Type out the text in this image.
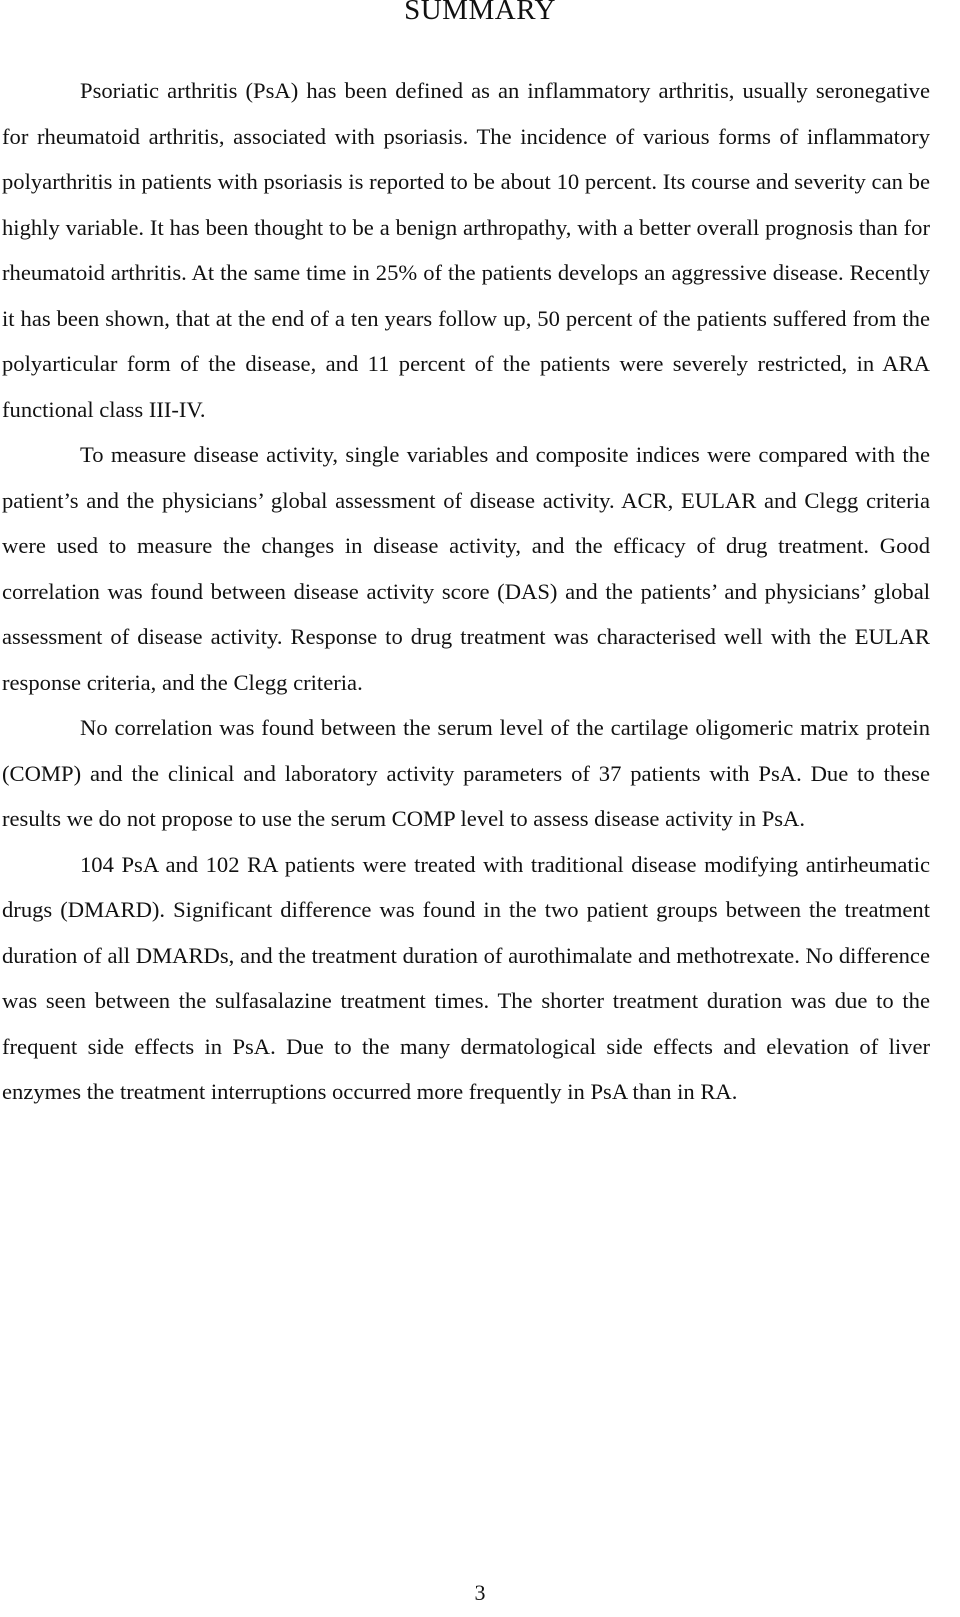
SUMMARY

Psoriatic arthritis (PsA) has been defined as an inflammatory arthritis, usually seronegative for rheumatoid arthritis, associated with psoriasis. The incidence of various forms of inflammatory polyarthritis in patients with psoriasis is reported to be about 10 percent. Its course and severity can be highly variable. It has been thought to be a benign arthropathy, with a better overall prognosis than for rheumatoid arthritis. At the same time in 25% of the patients develops an aggressive disease. Recently it has been shown, that at the end of a ten years follow up, 50 percent of the patients suffered from the polyarticular form of the disease, and 11 percent of the patients were severely restricted, in ARA functional class III-IV.

To measure disease activity, single variables and composite indices were compared with the patient’s and the physicians’ global assessment of disease activity. ACR, EULAR and Clegg criteria were used to measure the changes in disease activity, and the efficacy of drug treatment. Good correlation was found between disease activity score (DAS) and the patients’ and physicians’ global assessment of disease activity. Response to drug treatment was characterised well with the EULAR response criteria, and the Clegg criteria.

No correlation was found between the serum level of the cartilage oligomeric matrix protein (COMP) and the clinical and laboratory activity parameters of 37 patients with PsA. Due to these results we do not propose to use the serum COMP level to assess disease activity in PsA.

104 PsA and 102 RA patients were treated with traditional disease modifying antirheumatic drugs (DMARD). Significant difference was found in the two patient groups between the treatment duration of all DMARDs, and the treatment duration of aurothimalate and methotrexate. No difference was seen between the sulfasalazine treatment times. The shorter treatment duration was due to the frequent side effects in PsA. Due to the many dermatological side effects and elevation of liver enzymes the treatment interruptions occurred more frequently in PsA than in RA.

3
